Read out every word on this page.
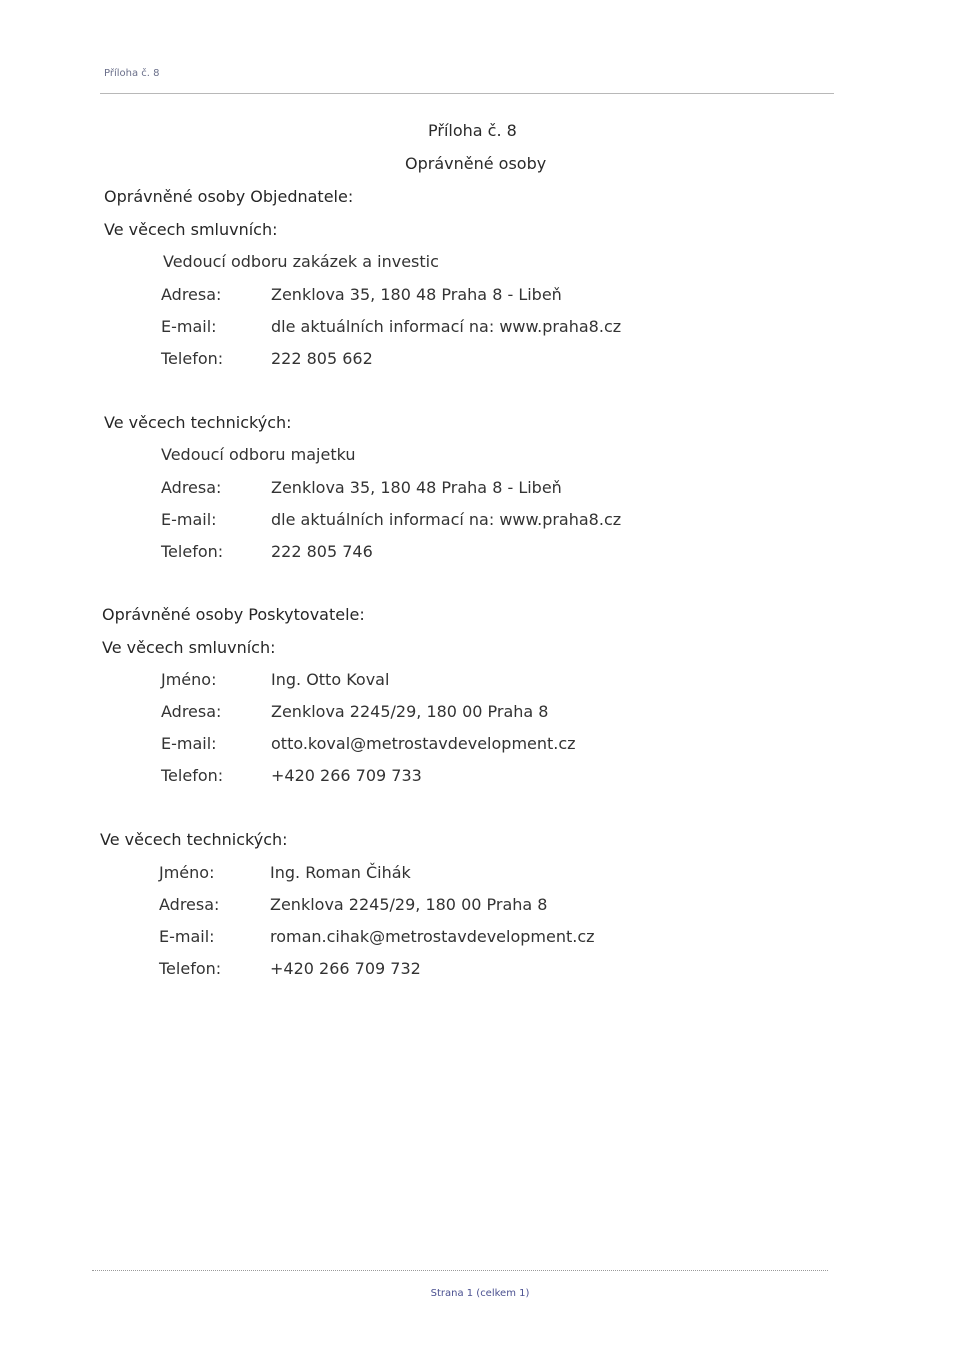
Příloha č. 8
Příloha č. 8
Oprávněné osoby
Oprávněné osoby Objednatele:
Ve věcech smluvních:
Vedoucí odboru zakázek a investic
Adresa:	Zenklova 35, 180 48 Praha 8 - Libeň
E-mail:	dle aktuálních informací na: www.praha8.cz
Telefon:	222 805 662
Ve věcech technických:
Vedoucí odboru majetku
Adresa:	Zenklova 35, 180 48 Praha 8 - Libeň
E-mail:	dle aktuálních informací na: www.praha8.cz
Telefon:	222 805 746
Oprávněné osoby Poskytovatele:
Ve věcech smluvních:
Jméno:	Ing. Otto Koval
Adresa:	Zenklova 2245/29, 180 00 Praha 8
E-mail:	otto.koval@metrostavdevelopment.cz
Telefon:	+420 266 709 733
Ve věcech technických:
Jméno:	Ing. Roman Čihák
Adresa:	Zenklova 2245/29, 180 00 Praha 8
E-mail:	roman.cihak@metrostavdevelopment.cz
Telefon:	+420 266 709 732
Strana 1 (celkem 1)
